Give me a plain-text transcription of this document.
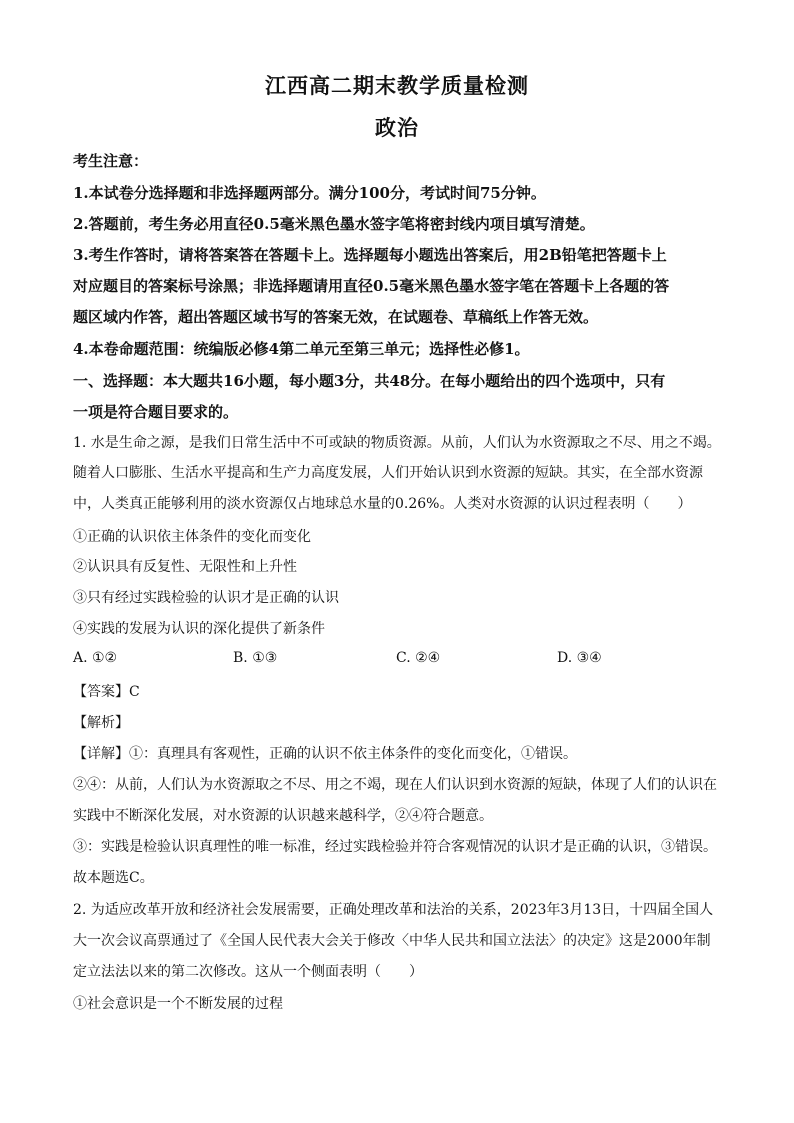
江西高二期末教学质量检测
政治
考生注意：
1.本试卷分选择题和非选择题两部分。满分100分，考试时间75分钟。
2.答题前，考生务必用直径0.5毫米黑色墨水签字笔将密封线内项目填写清楚。
3.考生作答时，请将答案答在答题卡上。选择题每小题选出答案后，用2B铅笔把答题卡上
对应题目的答案标号涂黑；非选择题请用直径0.5毫米黑色墨水签字笔在答题卡上各题的答
题区域内作答，超出答题区域书写的答案无效，在试题卷、草稿纸上作答无效。
4.本卷命题范围：统编版必修4第二单元至第三单元；选择性必修1。
一、选择题：本大题共16小题，每小题3分，共48分。在每小题给出的四个选项中，只有
一项是符合题目要求的。
1. 水是生命之源，是我们日常生活中不可或缺的物质资源。从前，人们认为水资源取之不尽、用之不竭。
随着人口膨胀、生活水平提高和生产力高度发展，人们开始认识到水资源的短缺。其实，在全部水资源
中，人类真正能够利用的淡水资源仅占地球总水量的0.26%。人类对水资源的认识过程表明（　　）
①正确的认识依主体条件的变化而变化
②认识具有反复性、无限性和上升性
③只有经过实践检验的认识才是正确的认识
④实践的发展为认识的深化提供了新条件
A. ①②	B. ①③	C. ②④	D. ③④
【答案】C
【解析】
【详解】①：真理具有客观性，正确的认识不依主体条件的变化而变化，①错误。
②④：从前，人们认为水资源取之不尽、用之不竭，现在人们认识到水资源的短缺，体现了人们的认识在
实践中不断深化发展，对水资源的认识越来越科学，②④符合题意。
③：实践是检验认识真理性的唯一标准，经过实践检验并符合客观情况的认识才是正确的认识，③错误。
故本题选C。
2. 为适应改革开放和经济社会发展需要，正确处理改革和法治的关系，2023年3月13日，十四届全国人
大一次会议高票通过了《全国人民代表大会关于修改〈中华人民共和国立法法〉的决定》这是2000年制
定立法法以来的第二次修改。这从一个侧面表明（　　）
①社会意识是一个不断发展的过程
